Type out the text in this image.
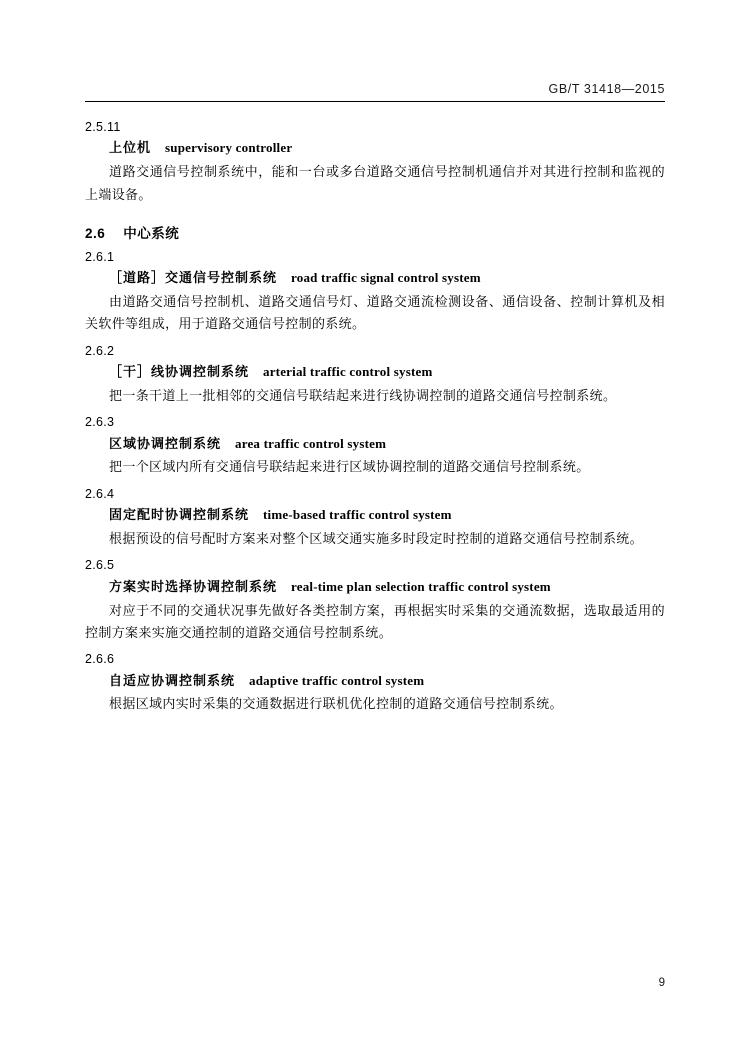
GB/T 31418—2015
2.5.11
上位机 supervisory controller
道路交通信号控制系统中，能和一台或多台道路交通信号控制机通信并对其进行控制和监视的上端设备。
2.6 中心系统
2.6.1
［道路］交通信号控制系统 road traffic signal control system
由道路交通信号控制机、道路交通信号灯、道路交通流检测设备、通信设备、控制计算机及相关软件等组成，用于道路交通信号控制的系统。
2.6.2
［干］线协调控制系统 arterial traffic control system
把一条干道上一批相邻的交通信号联结起来进行线协调控制的道路交通信号控制系统。
2.6.3
区域协调控制系统 area traffic control system
把一个区域内所有交通信号联结起来进行区域协调控制的道路交通信号控制系统。
2.6.4
固定配时协调控制系统 time-based traffic control system
根据预设的信号配时方案来对整个区域交通实施多时段定时控制的道路交通信号控制系统。
2.6.5
方案实时选择协调控制系统 real-time plan selection traffic control system
对应于不同的交通状况事先做好各类控制方案，再根据实时采集的交通流数据，选取最适用的控制方案来实施交通控制的道路交通信号控制系统。
2.6.6
自适应协调控制系统 adaptive traffic control system
根据区域内实时采集的交通数据进行联机优化控制的道路交通信号控制系统。
9
